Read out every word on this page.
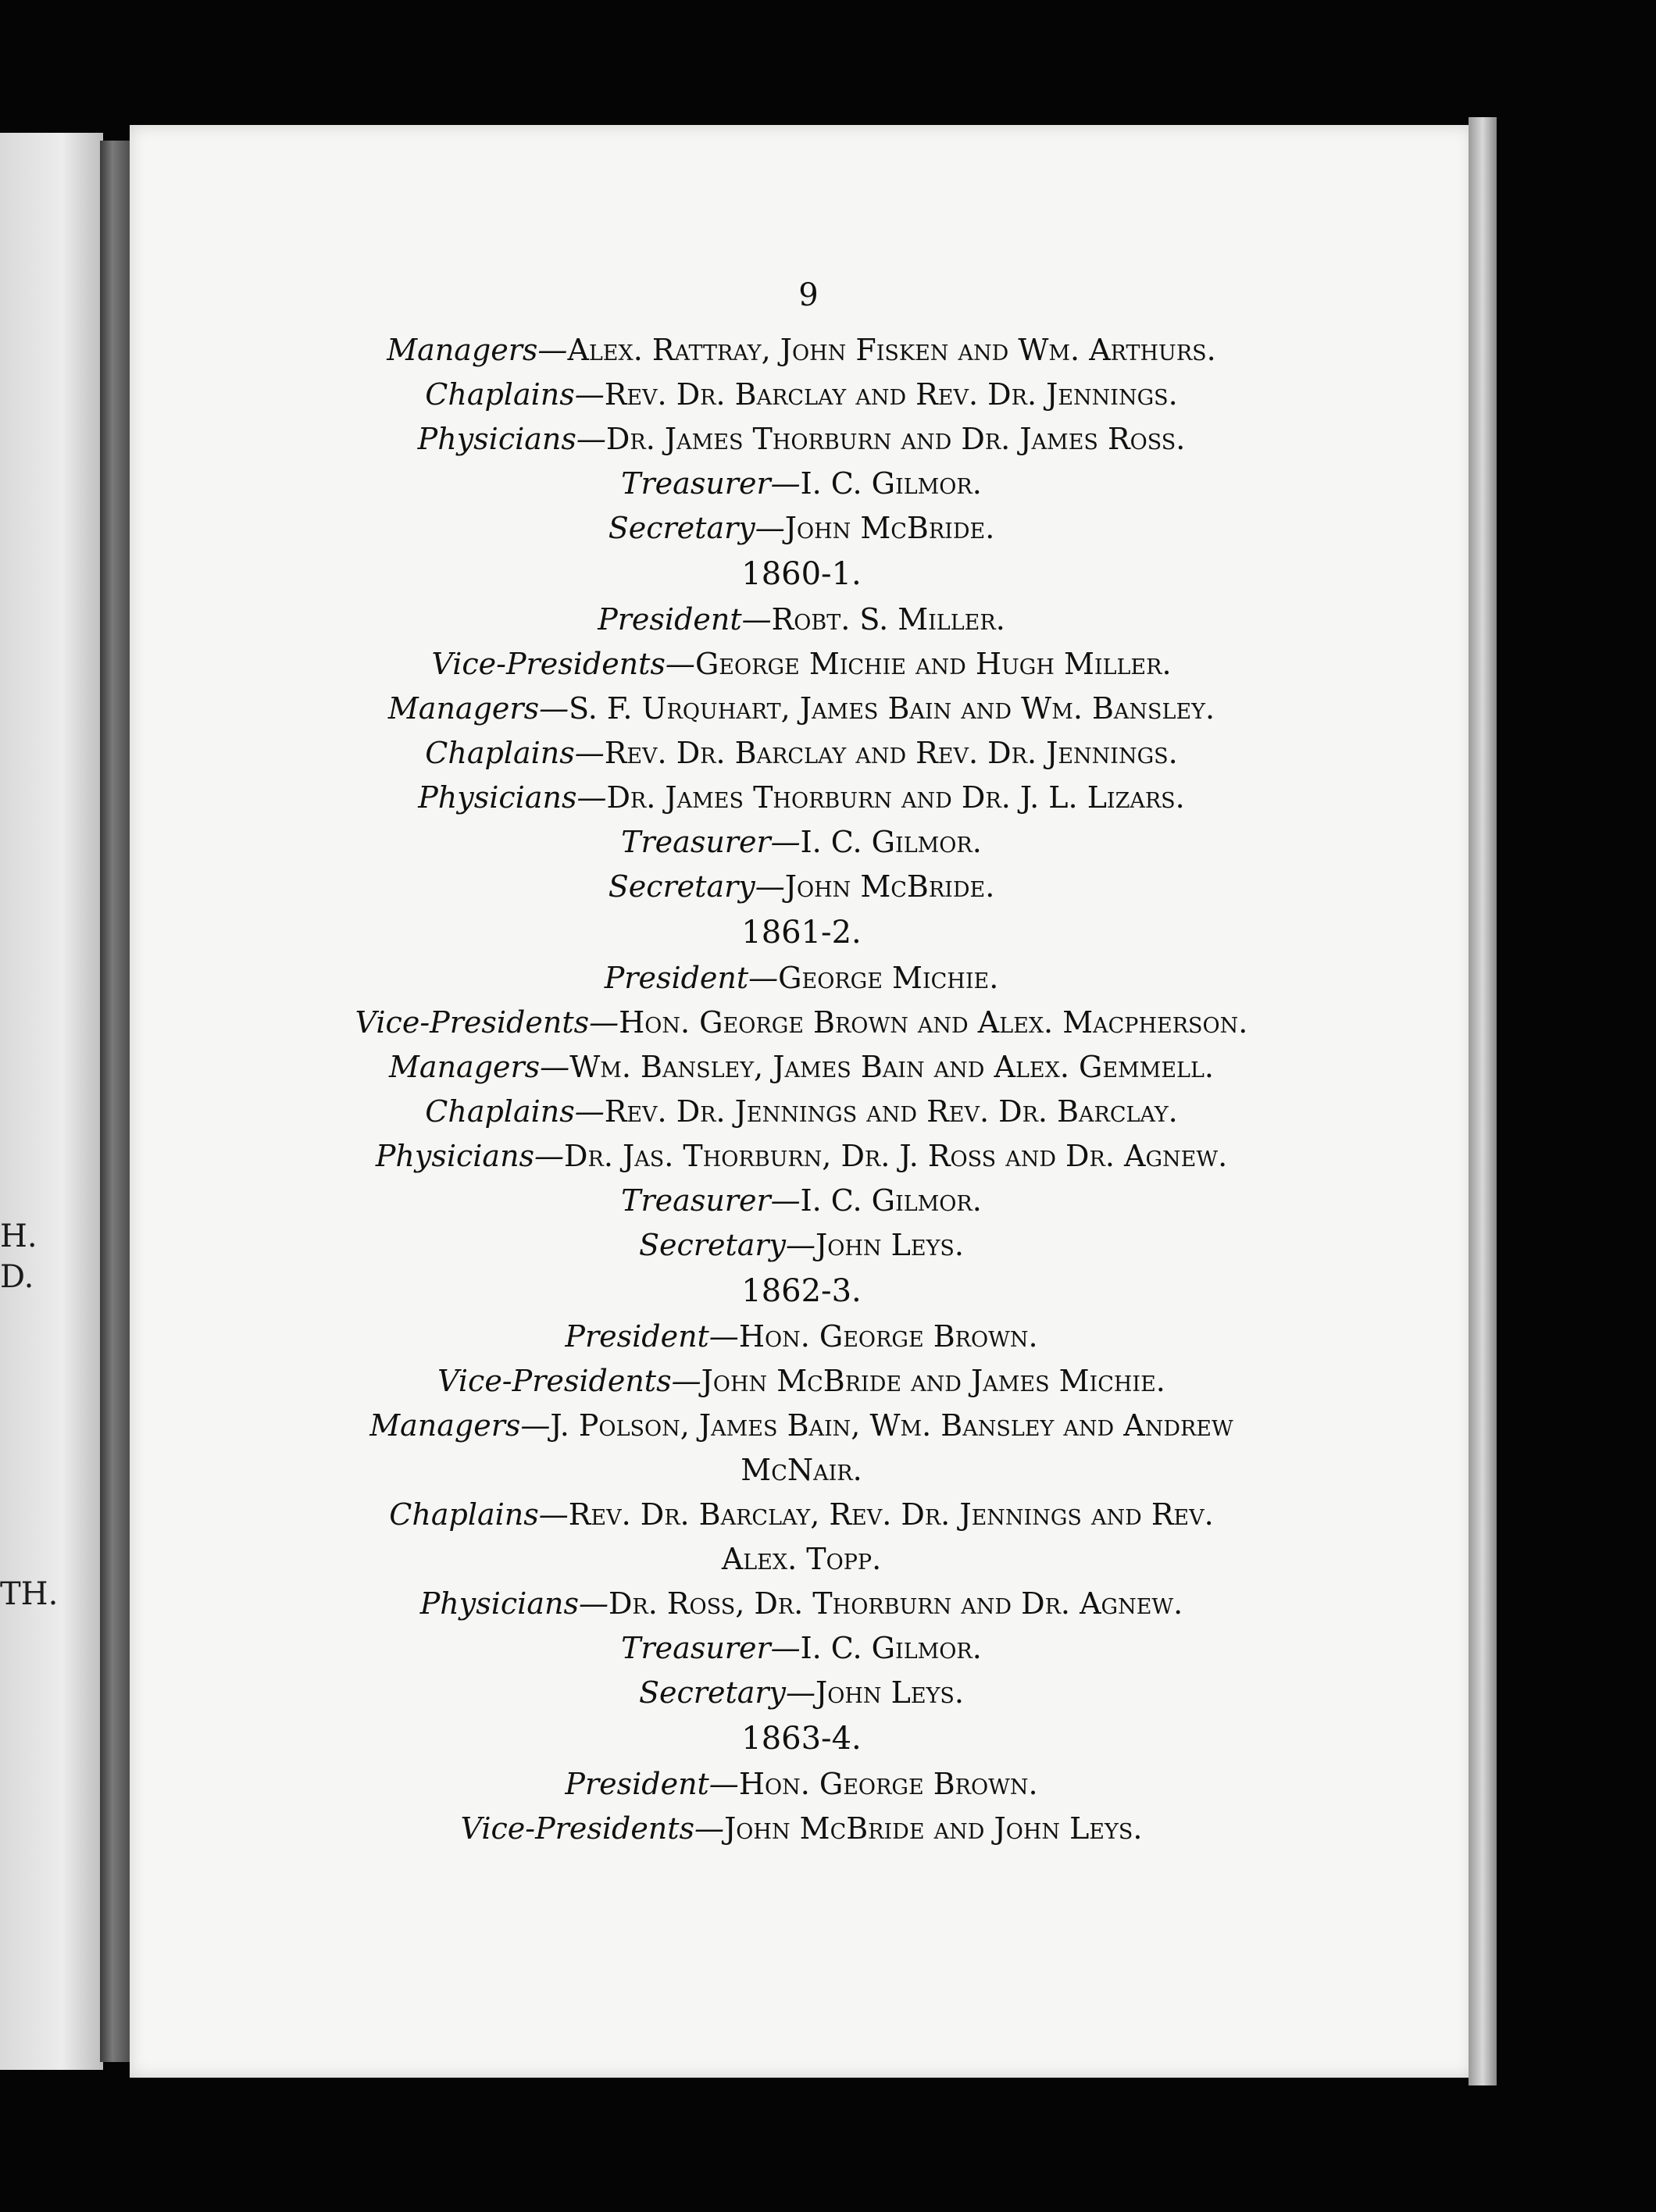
H.
D.
TH.
9
Managers—Alex. Rattray, John Fisken and Wm. Arthurs.
Chaplains—Rev. Dr. Barclay and Rev. Dr. Jennings.
Physicians—Dr. James Thorburn and Dr. James Ross.
Treasurer—I. C. Gilmor.
Secretary—John McBride.
1860-1.
President—Robt. S. Miller.
Vice-Presidents—George Michie and Hugh Miller.
Managers—S. F. Urquhart, James Bain and Wm. Bansley.
Chaplains—Rev. Dr. Barclay and Rev. Dr. Jennings.
Physicians—Dr. James Thorburn and Dr. J. L. Lizars.
Treasurer—I. C. Gilmor.
Secretary—John McBride.
1861-2.
President—George Michie.
Vice-Presidents—Hon. George Brown and Alex. Macpherson.
Managers—Wm. Bansley, James Bain and Alex. Gemmell.
Chaplains—Rev. Dr. Jennings and Rev. Dr. Barclay.
Physicians—Dr. Jas. Thorburn, Dr. J. Ross and Dr. Agnew.
Treasurer—I. C. Gilmor.
Secretary—John Leys.
1862-3.
President—Hon. George Brown.
Vice-Presidents—John McBride and James Michie.
Managers—J. Polson, James Bain, Wm. Bansley and Andrew
McNair.
Chaplains—Rev. Dr. Barclay, Rev. Dr. Jennings and Rev.
Alex. Topp.
Physicians—Dr. Ross, Dr. Thorburn and Dr. Agnew.
Treasurer—I. C. Gilmor.
Secretary—John Leys.
1863-4.
President—Hon. George Brown.
Vice-Presidents—John McBride and John Leys.
